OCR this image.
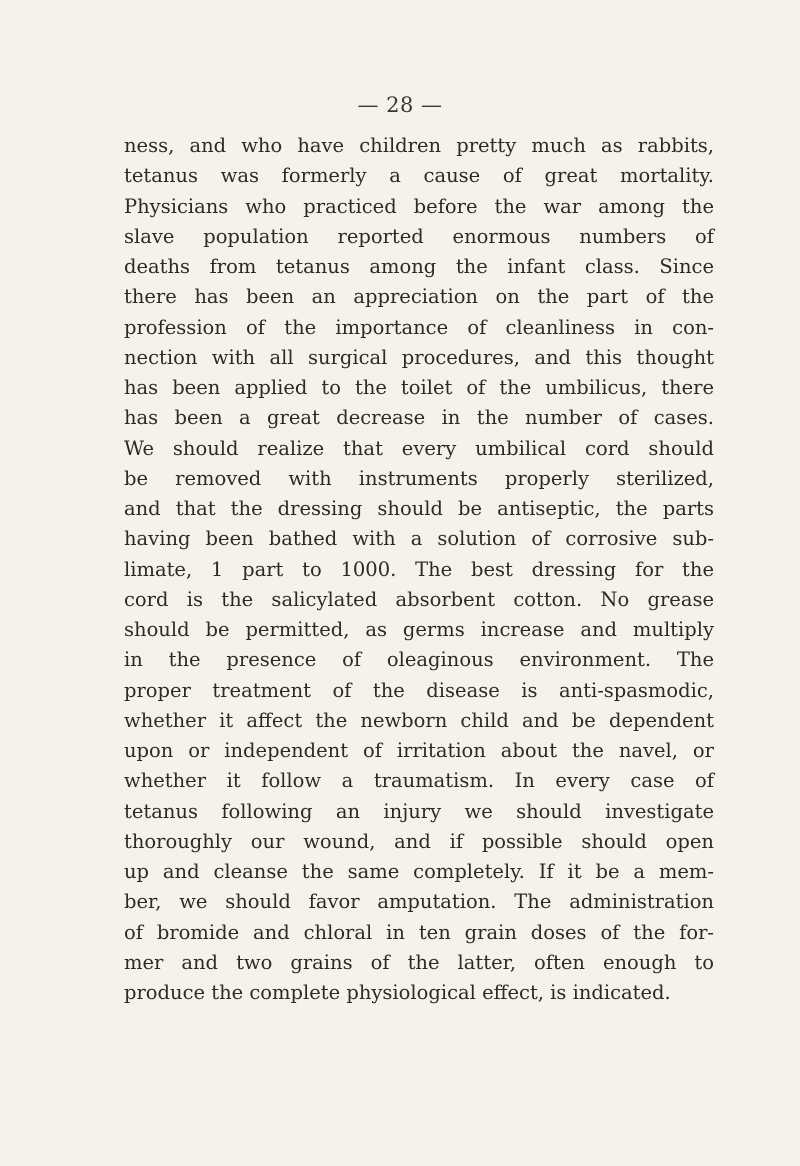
— 28 —
ness, and who have children pretty much as rabbits,
tetanus was formerly a cause of great mortality.
Physicians who practiced before the war among the
slave population reported enormous numbers of
deaths from tetanus among the infant class. Since
there has been an appreciation on the part of the
profession of the importance of cleanliness in con-
nection with all surgical procedures, and this thought
has been applied to the toilet of the umbilicus, there
has been a great decrease in the number of cases.
We should realize that every umbilical cord should
be removed with instruments properly sterilized,
and that the dressing should be antiseptic, the parts
having been bathed with a solution of corrosive sub-
limate, 1 part to 1000. The best dressing for the
cord is the salicylated absorbent cotton. No grease
should be permitted, as germs increase and multiply
in the presence of oleaginous environment. The
proper treatment of the disease is anti-spasmodic,
whether it affect the newborn child and be dependent
upon or independent of irritation about the navel, or
whether it follow a traumatism. In every case of
tetanus following an injury we should investigate
thoroughly our wound, and if possible should open
up and cleanse the same completely. If it be a mem-
ber, we should favor amputation. The administration
of bromide and chloral in ten grain doses of the for-
mer and two grains of the latter, often enough to
produce the complete physiological effect, is indicated.
